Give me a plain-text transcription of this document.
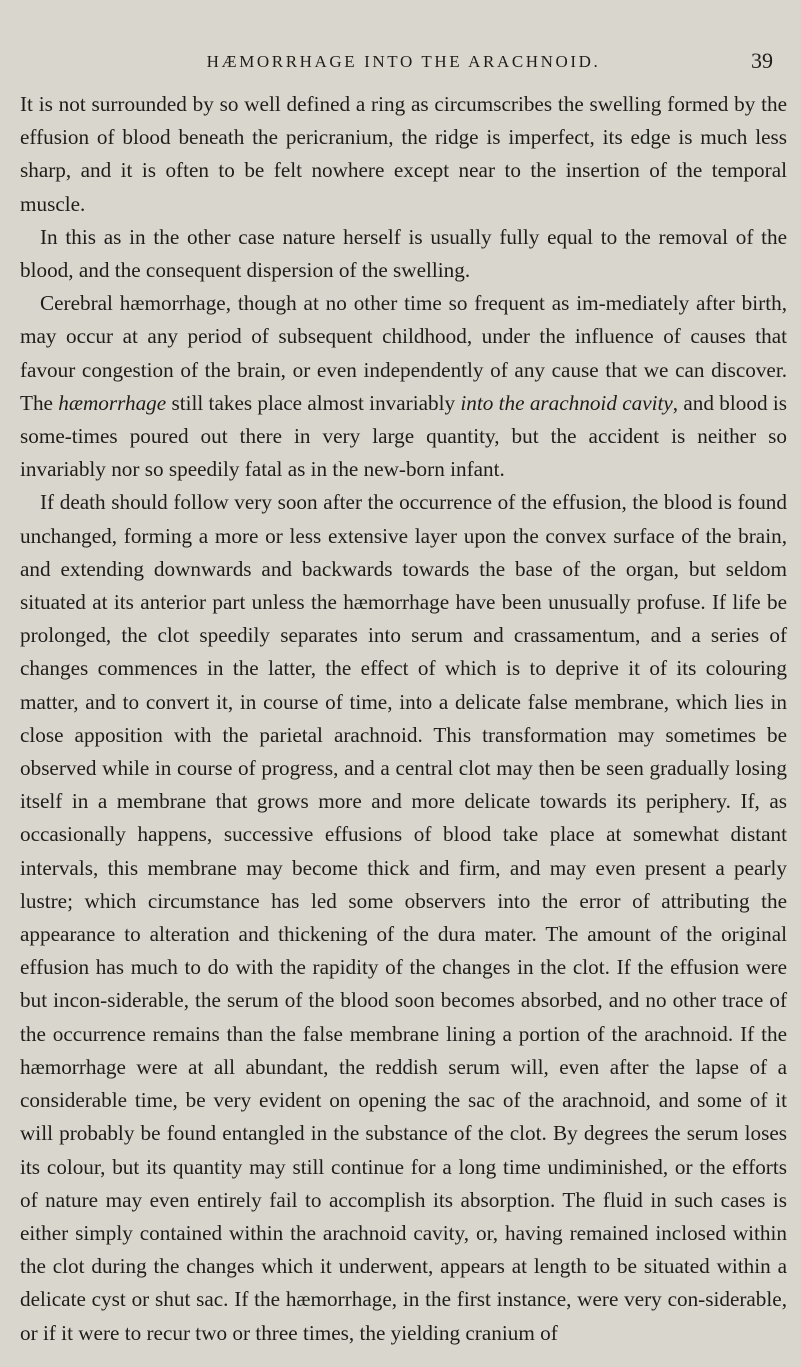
HÆMORRHAGE INTO THE ARACHNOID.	39

It is not surrounded by so well defined a ring as circumscribes the swelling formed by the effusion of blood beneath the pericranium, the ridge is imperfect, its edge is much less sharp, and it is often to be felt nowhere except near to the insertion of the temporal muscle.

In this as in the other case nature herself is usually fully equal to the removal of the blood, and the consequent dispersion of the swelling.

Cerebral hæmorrhage, though at no other time so frequent as im-mediately after birth, may occur at any period of subsequent childhood, under the influence of causes that favour congestion of the brain, or even independently of any cause that we can discover. The hæmorrhage still takes place almost invariably into the arachnoid cavity, and blood is some-times poured out there in very large quantity, but the accident is neither so invariably nor so speedily fatal as in the new-born infant.

If death should follow very soon after the occurrence of the effusion, the blood is found unchanged, forming a more or less extensive layer upon the convex surface of the brain, and extending downwards and backwards towards the base of the organ, but seldom situated at its anterior part unless the hæmorrhage have been unusually profuse. If life be prolonged, the clot speedily separates into serum and crassamentum, and a series of changes commences in the latter, the effect of which is to deprive it of its colouring matter, and to convert it, in course of time, into a delicate false membrane, which lies in close apposition with the parietal arachnoid. This transformation may sometimes be observed while in course of progress, and a central clot may then be seen gradually losing itself in a membrane that grows more and more delicate towards its periphery. If, as occasionally happens, successive effusions of blood take place at somewhat distant intervals, this membrane may become thick and firm, and may even present a pearly lustre; which circumstance has led some observers into the error of attributing the appearance to alteration and thickening of the dura mater. The amount of the original effusion has much to do with the rapidity of the changes in the clot. If the effusion were but incon-siderable, the serum of the blood soon becomes absorbed, and no other trace of the occurrence remains than the false membrane lining a portion of the arachnoid. If the hæmorrhage were at all abundant, the reddish serum will, even after the lapse of a considerable time, be very evident on opening the sac of the arachnoid, and some of it will probably be found entangled in the substance of the clot. By degrees the serum loses its colour, but its quantity may still continue for a long time undiminished, or the efforts of nature may even entirely fail to accomplish its absorption. The fluid in such cases is either simply contained within the arachnoid cavity, or, having remained inclosed within the clot during the changes which it underwent, appears at length to be situated within a delicate cyst or shut sac. If the hæmorrhage, in the first instance, were very con-siderable, or if it were to recur two or three times, the yielding cranium of
